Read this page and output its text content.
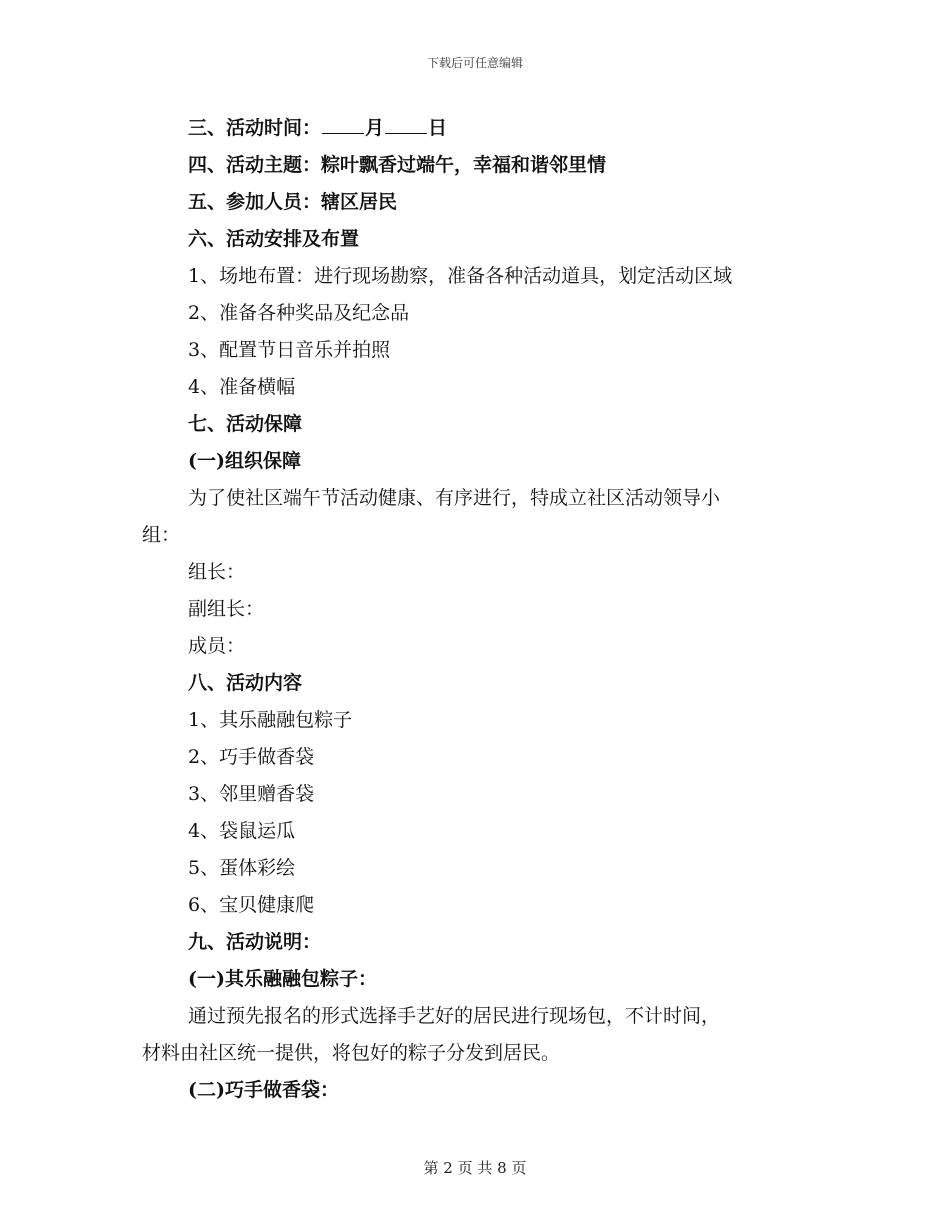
下载后可任意编辑
三、活动时间： 月 日
四、活动主题：粽叶飘香过端午，幸福和谐邻里情
五、参加人员：辖区居民
六、活动安排及布置
1、场地布置：进行现场勘察，准备各种活动道具，划定活动区域
2、准备各种奖品及纪念品
3、配置节日音乐并拍照
4、准备横幅
七、活动保障
(一)组织保障
为了使社区端午节活动健康、有序进行，特成立社区活动领导小
组：
组长：
副组长：
成员：
八、活动内容
1、其乐融融包粽子
2、巧手做香袋
3、邻里赠香袋
4、袋鼠运瓜
5、蛋体彩绘
6、宝贝健康爬
九、活动说明：
(一)其乐融融包粽子：
通过预先报名的形式选择手艺好的居民进行现场包，不计时间，
材料由社区统一提供，将包好的粽子分发到居民。
(二)巧手做香袋：
第 2 页 共 8 页
